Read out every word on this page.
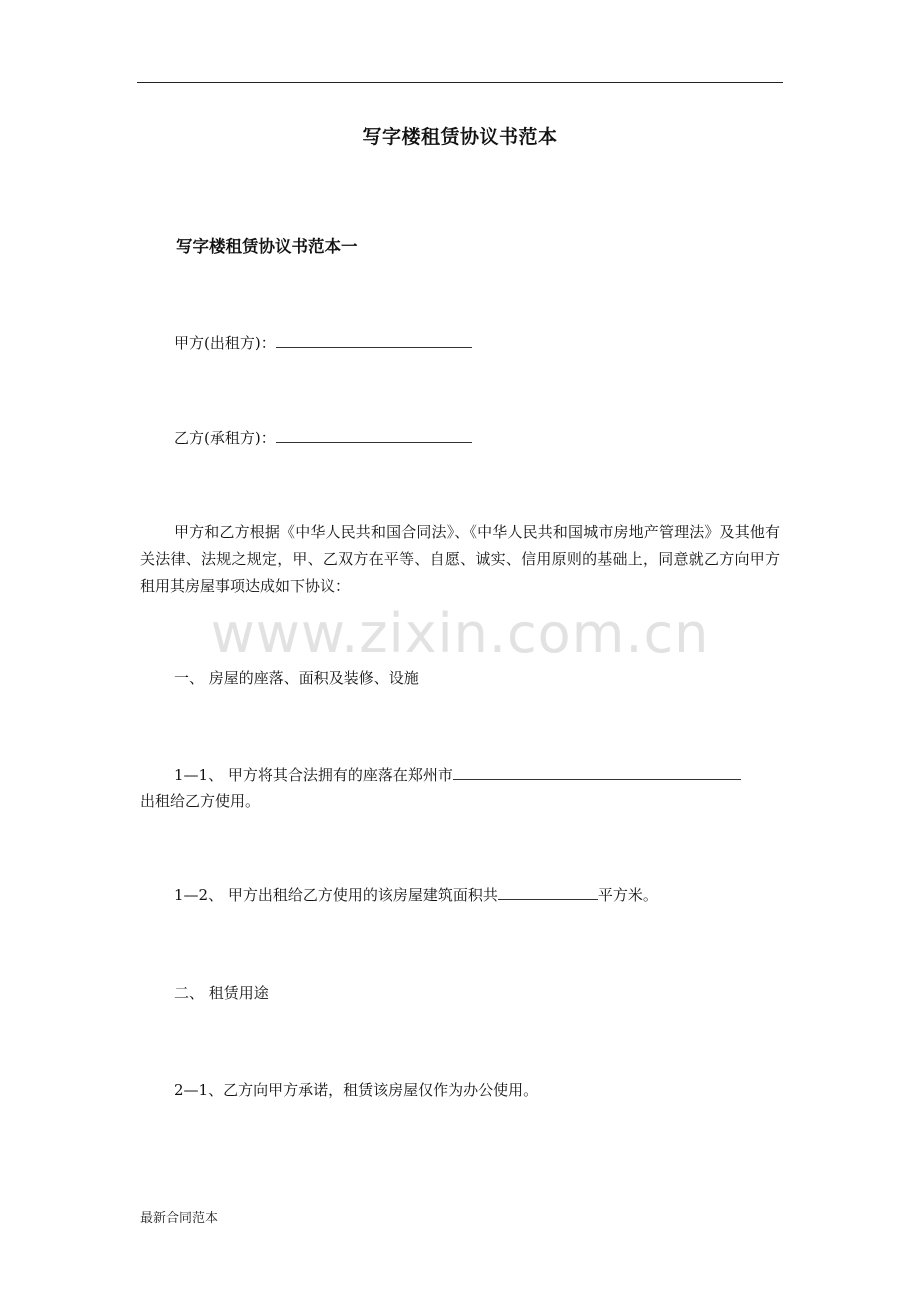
写字楼租赁协议书范本
写字楼租赁协议书范本一
甲方(出租方)：
乙方(承租方)：
甲方和乙方根据《中华人民共和国合同法》、《中华人民共和国城市房地产管理法》及其他有关法律、法规之规定，甲、乙双方在平等、自愿、诚实、信用原则的基础上，同意就乙方向甲方租用其房屋事项达成如下协议：
www.zixin.com.cn
一、 房屋的座落、面积及装修、设施
1—1、 甲方将其合法拥有的座落在郑州市
出租给乙方使用。
1—2、 甲方出租给乙方使用的该房屋建筑面积共	平方米。
二、 租赁用途
2—1、乙方向甲方承诺，租赁该房屋仅作为办公使用。
最新合同范本
